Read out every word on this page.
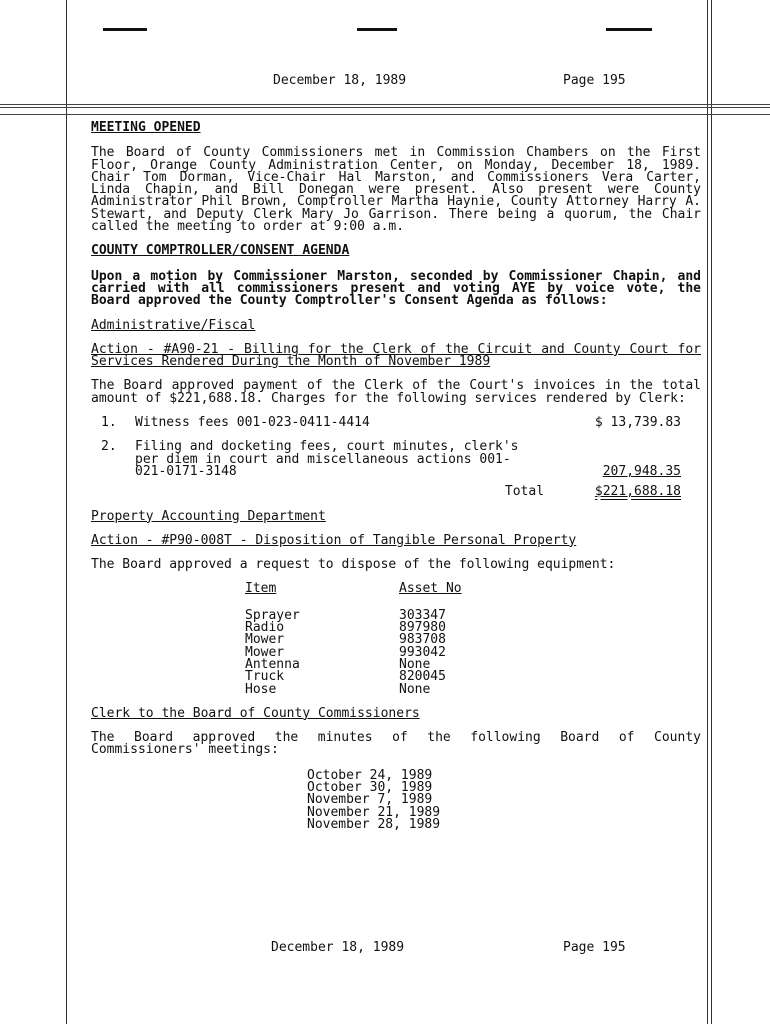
December 18, 1989	Page 195
MEETING OPENED
The Board of County Commissioners met in Commission Chambers on the First Floor, Orange County Administration Center, on Monday, December 18, 1989. Chair Tom Dorman, Vice-Chair Hal Marston, and Commissioners Vera Carter, Linda Chapin, and Bill Donegan were present. Also present were County Administrator Phil Brown, Comptroller Martha Haynie, County Attorney Harry A. Stewart, and Deputy Clerk Mary Jo Garrison. There being a quorum, the Chair called the meeting to order at 9:00 a.m.
COUNTY COMPTROLLER/CONSENT AGENDA
Upon a motion by Commissioner Marston, seconded by Commissioner Chapin, and carried with all commissioners present and voting AYE by voice vote, the Board approved the County Comptroller's Consent Agenda as follows:
Administrative/Fiscal
Action - #A90-21 - Billing for the Clerk of the Circuit and County Court for Services Rendered During the Month of November 1989
The Board approved payment of the Clerk of the Court's invoices in the total amount of $221,688.18. Charges for the following services rendered by Clerk:
1.	Witness fees 001-023-0411-4414	$ 13,739.83
2.	Filing and docketing fees, court minutes, clerk's per diem in court and miscellaneous actions 001-021-0171-3148	207,948.35
Total	$221,688.18
Property Accounting Department
Action - #P90-008T - Disposition of Tangible Personal Property
The Board approved a request to dispose of the following equipment:
Item	Asset No
Sprayer	303347
Radio	897980
Mower	983708
Mower	993042
Antenna	None
Truck	820045
Hose	None
Clerk to the Board of County Commissioners
The Board approved the minutes of the following Board of County Commissioners' meetings:
October 24, 1989
October 30, 1989
November 7, 1989
November 21, 1989
November 28, 1989
December 18, 1989	Page 195
